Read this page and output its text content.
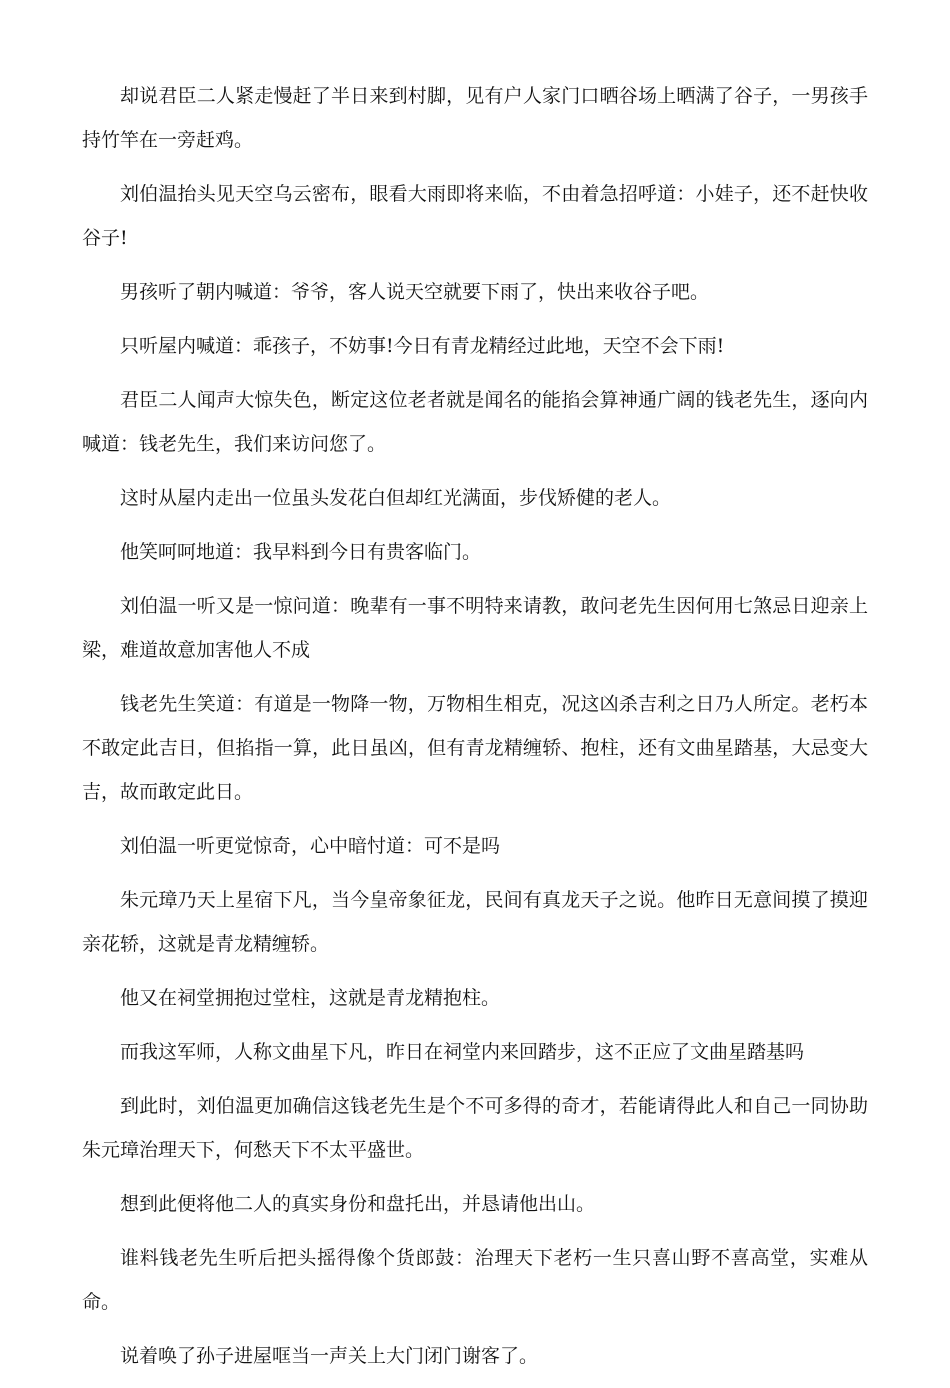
却说君臣二人紧走慢赶了半日来到村脚，见有户人家门口晒谷场上晒满了谷子，一男孩手持竹竿在一旁赶鸡。

刘伯温抬头见天空乌云密布，眼看大雨即将来临，不由着急招呼道：小娃子，还不赶快收谷子!

男孩听了朝内喊道：爷爷，客人说天空就要下雨了，快出来收谷子吧。

只听屋内喊道：乖孩子，不妨事!今日有青龙精经过此地，天空不会下雨!

君臣二人闻声大惊失色，断定这位老者就是闻名的能掐会算神通广阔的钱老先生，逐向内喊道：钱老先生，我们来访问您了。

这时从屋内走出一位虽头发花白但却红光满面，步伐矫健的老人。

他笑呵呵地道：我早料到今日有贵客临门。

刘伯温一听又是一惊问道：晚辈有一事不明特来请教，敢问老先生因何用七煞忌日迎亲上梁，难道故意加害他人不成

钱老先生笑道：有道是一物降一物，万物相生相克，况这凶杀吉利之日乃人所定。老朽本不敢定此吉日，但掐指一算，此日虽凶，但有青龙精缠轿、抱柱，还有文曲星踏基，大忌变大吉，故而敢定此日。

刘伯温一听更觉惊奇，心中暗忖道：可不是吗

朱元璋乃天上星宿下凡，当今皇帝象征龙，民间有真龙天子之说。他昨日无意间摸了摸迎亲花轿，这就是青龙精缠轿。

他又在祠堂拥抱过堂柱，这就是青龙精抱柱。

而我这军师，人称文曲星下凡，昨日在祠堂内来回踏步，这不正应了文曲星踏基吗

到此时，刘伯温更加确信这钱老先生是个不可多得的奇才，若能请得此人和自己一同协助朱元璋治理天下，何愁天下不太平盛世。

想到此便将他二人的真实身份和盘托出，并恳请他出山。

谁料钱老先生听后把头摇得像个货郎鼓：治理天下老朽一生只喜山野不喜高堂，实难从命。

说着唤了孙子进屋哐当一声关上大门闭门谢客了。
